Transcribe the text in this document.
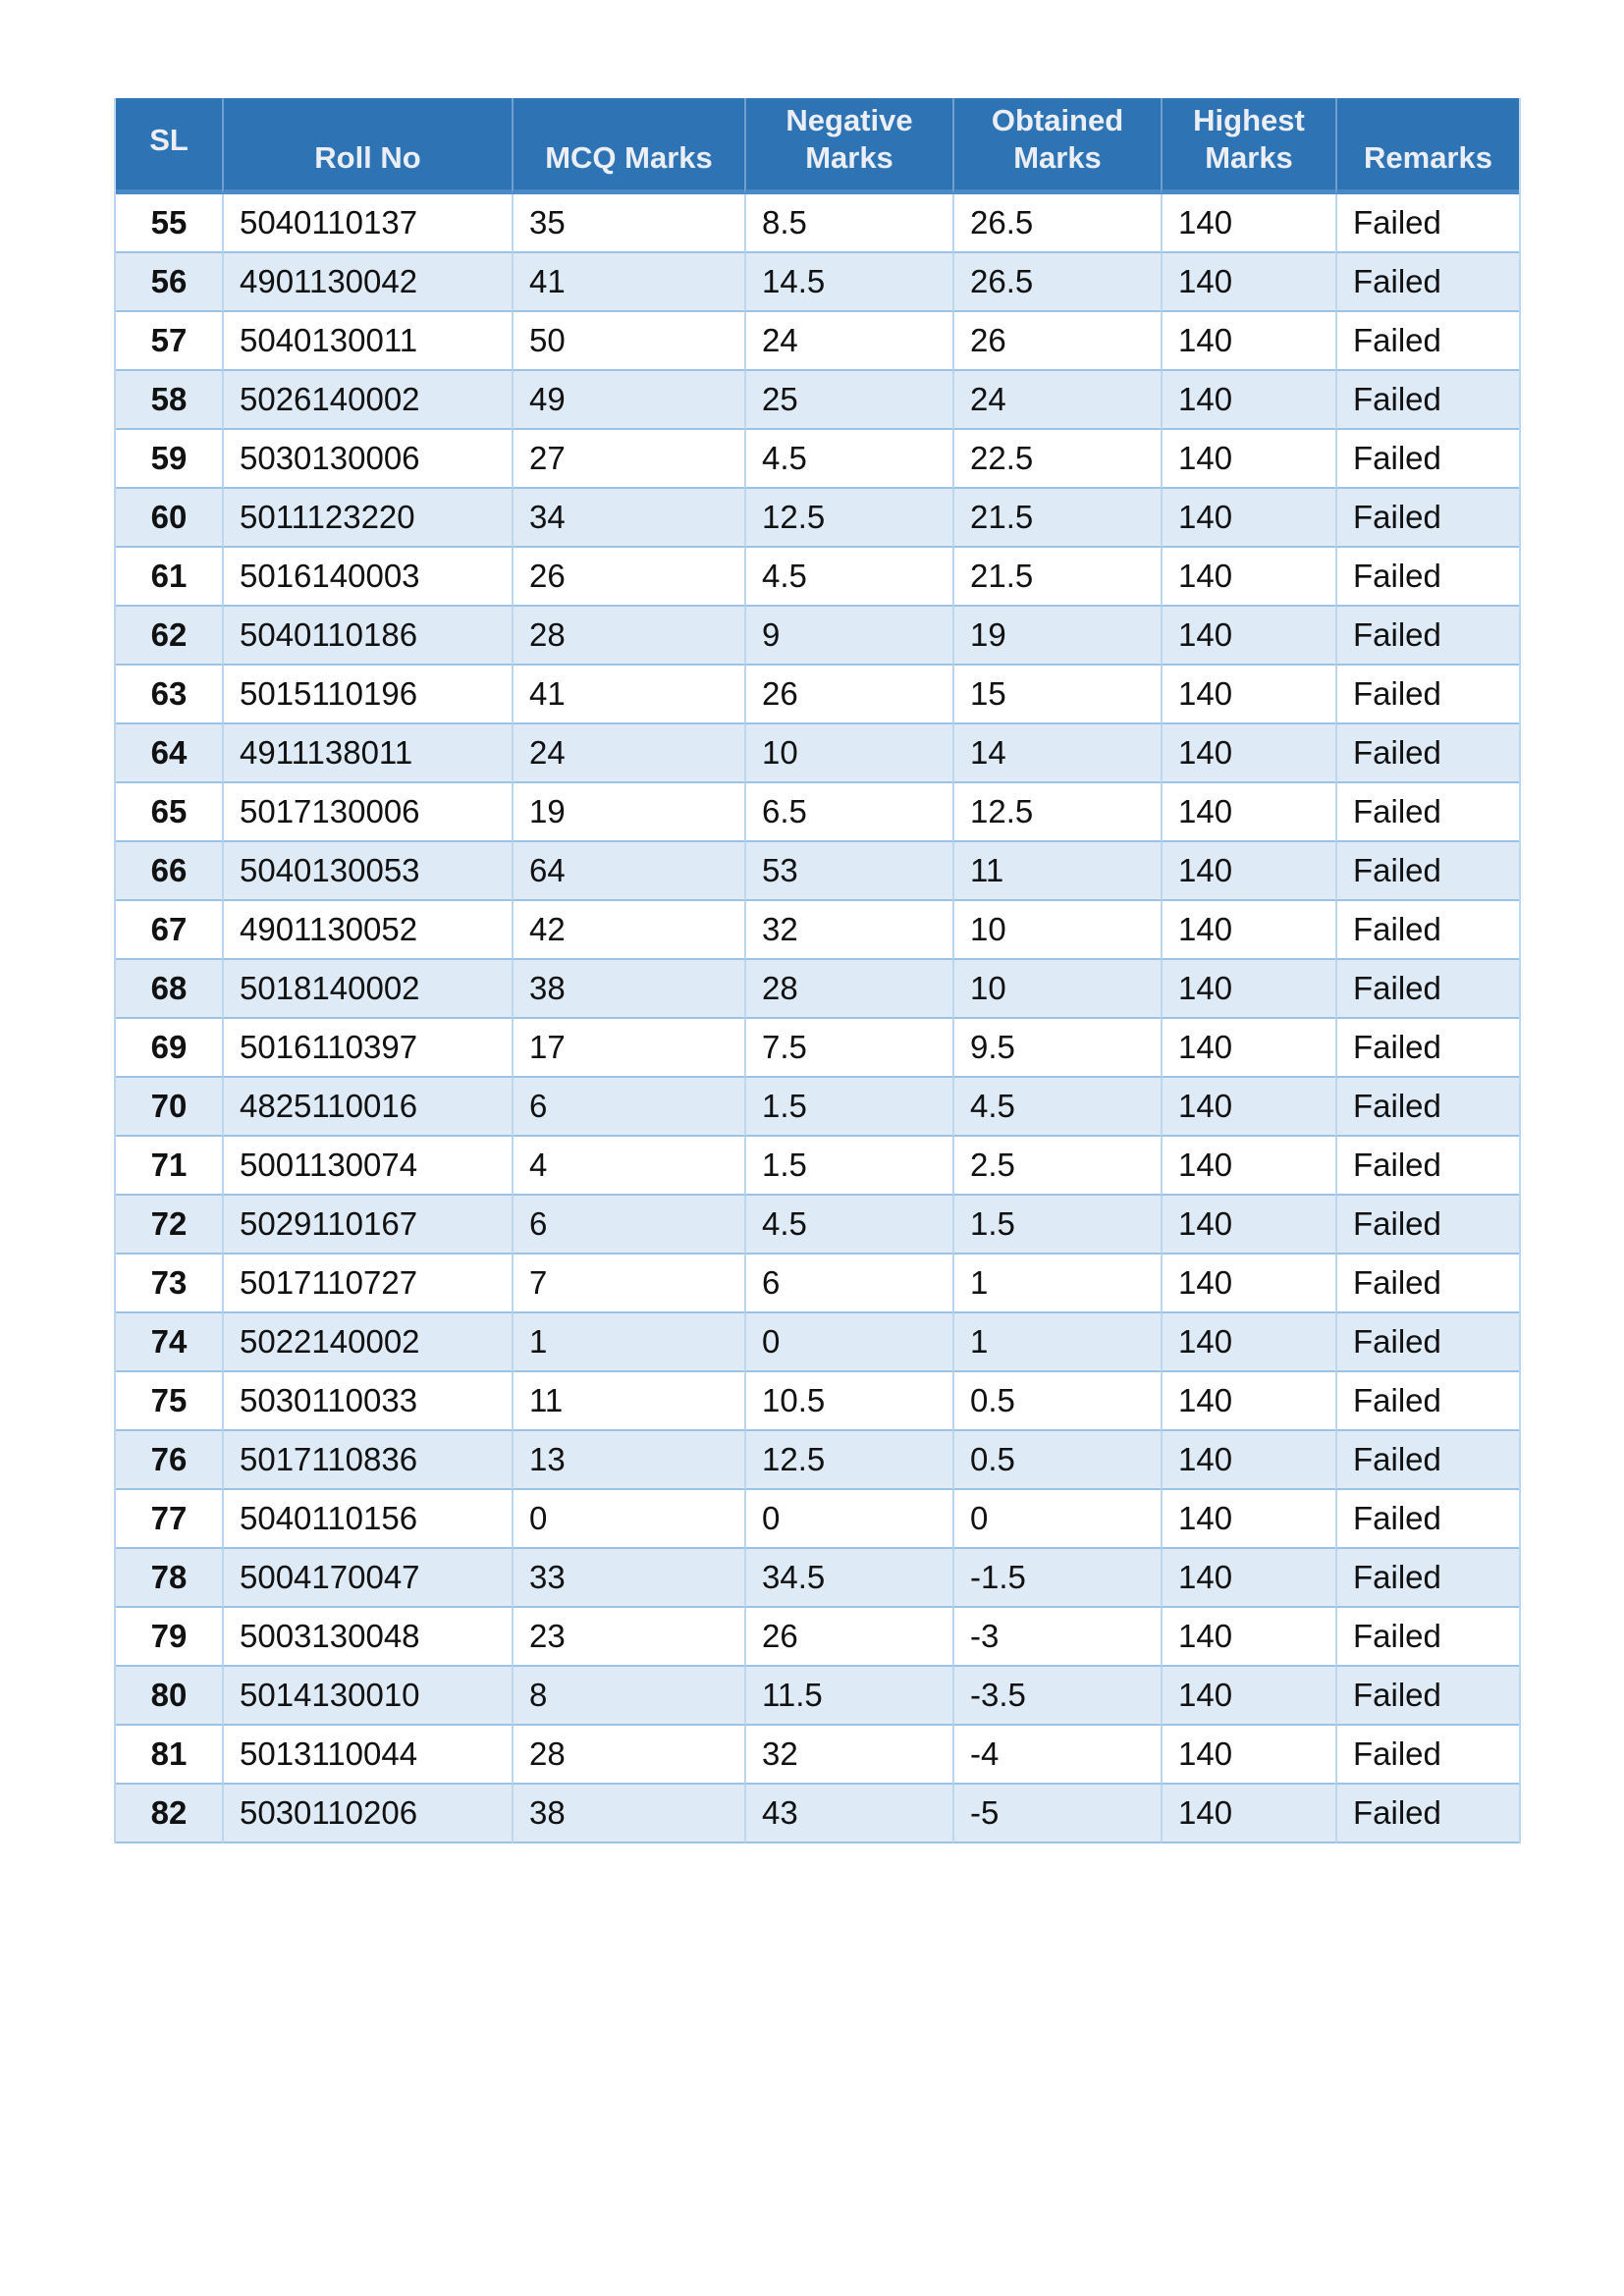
SL	Roll No	MCQ Marks	Negative Marks	Obtained Marks	Highest Marks	Remarks
55	5040110137	35	8.5	26.5	140	Failed
56	4901130042	41	14.5	26.5	140	Failed
57	5040130011	50	24	26	140	Failed
58	5026140002	49	25	24	140	Failed
59	5030130006	27	4.5	22.5	140	Failed
60	5011123220	34	12.5	21.5	140	Failed
61	5016140003	26	4.5	21.5	140	Failed
62	5040110186	28	9	19	140	Failed
63	5015110196	41	26	15	140	Failed
64	4911138011	24	10	14	140	Failed
65	5017130006	19	6.5	12.5	140	Failed
66	5040130053	64	53	11	140	Failed
67	4901130052	42	32	10	140	Failed
68	5018140002	38	28	10	140	Failed
69	5016110397	17	7.5	9.5	140	Failed
70	4825110016	6	1.5	4.5	140	Failed
71	5001130074	4	1.5	2.5	140	Failed
72	5029110167	6	4.5	1.5	140	Failed
73	5017110727	7	6	1	140	Failed
74	5022140002	1	0	1	140	Failed
75	5030110033	11	10.5	0.5	140	Failed
76	5017110836	13	12.5	0.5	140	Failed
77	5040110156	0	0	0	140	Failed
78	5004170047	33	34.5	-1.5	140	Failed
79	5003130048	23	26	-3	140	Failed
80	5014130010	8	11.5	-3.5	140	Failed
81	5013110044	28	32	-4	140	Failed
82	5030110206	38	43	-5	140	Failed
